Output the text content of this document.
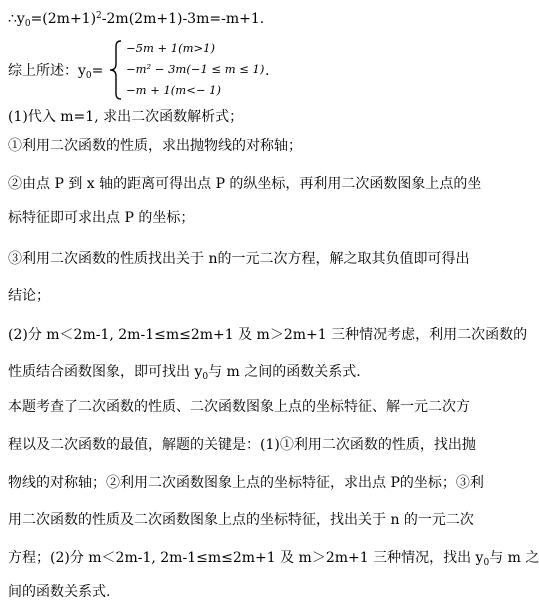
$\therefore y_0=(2m+1)^2-2m(2m+1)-3m=-m+1$.
综上所述：$y_0=$
−5m + 1(m>1)
−m² − 3m(−1 ≤ m ≤ 1)
−m + 1(m<− 1)
.
(1)代入 m=1, 求出二次函数解析式；
①利用二次函数的性质，求出抛物线的对称轴；
②由点 P 到 x 轴的距离可得出点 P 的纵坐标，再利用二次函数图象上点的坐
标特征即可求出点 P 的坐标；
③利用二次函数的性质找出关于 n的一元二次方程，解之取其负值即可得出
结论；
(2)分 m＜2m-1, 2m-1≤m≤2m+1 及 m＞2m+1 三种情况考虑，利用二次函数的
性质结合函数图象，即可找出 $y_0$与 m 之间的函数关系式.
本题考查了二次函数的性质、二次函数图象上点的坐标特征、解一元二次方
程以及二次函数的最值，解题的关键是：(1)①利用二次函数的性质，找出抛
物线的对称轴；②利用二次函数图象上点的坐标特征，求出点 P的坐标；③利
用二次函数的性质及二次函数图象上点的坐标特征，找出关于 n 的一元二次
方程；(2)分 m＜2m-1, 2m-1≤m≤2m+1 及 m＞2m+1 三种情况，找出 $y_0$与 m 之
间的函数关系式.
